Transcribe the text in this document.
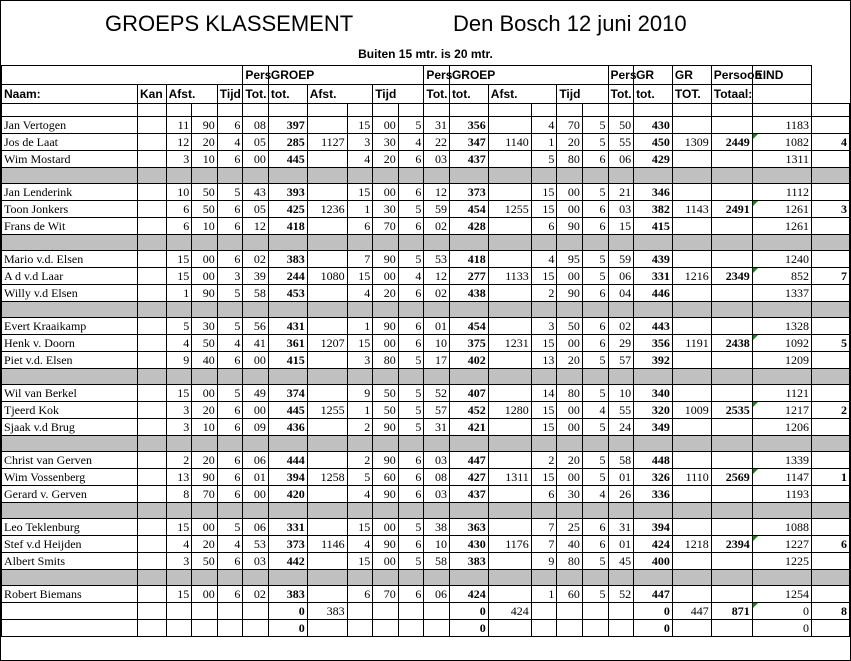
GROEPS KLASSEMENT	Den Bosch 12 juni 2010
Buiten 15 mtr. is 20 mtr.
					Pers	GROEP					Pers	GROEP					Pers	GR	GR	Persoon	EIND	
Naam:	Kan	Afst.		Tijd	Tot.	tot.	Afst.		Tijd		Tot.	tot.	Afst.		Tijd		Tot.	tot.	TOT.	Totaal:		

Jan Vertogen		11	90	6	08	397		15	00	5	31	356		4	70	5	50	430			1183	
Jos de Laat		12	20	4	05	285	1127	3	30	4	22	347	1140	1	20	5	55	450	1309	2449	1082	4
Wim Mostard		3	10	6	00	445		4	20	6	03	437		5	80	6	06	429			1311	

Jan Lenderink		10	50	5	43	393		15	00	6	12	373		15	00	5	21	346			1112	
Toon Jonkers		6	50	6	05	425	1236	1	30	5	59	454	1255	15	00	6	03	382	1143	2491	1261	3
Frans de Wit		6	10	6	12	418		6	70	6	02	428		6	90	6	15	415			1261	

Mario v.d. Elsen		15	00	6	02	383		7	90	5	53	418		4	95	5	59	439			1240	
A d v.d Laar		15	00	3	39	244	1080	15	00	4	12	277	1133	15	00	5	06	331	1216	2349	852	7
Willy v.d Elsen		1	90	5	58	453		4	20	6	02	438		2	90	6	04	446			1337	

Evert Kraaikamp		5	30	5	56	431		1	90	6	01	454		3	50	6	02	443			1328	
Henk v. Doorn		4	50	4	41	361	1207	15	00	6	10	375	1231	15	00	6	29	356	1191	2438	1092	5
Piet v.d. Elsen		9	40	6	00	415		3	80	5	17	402		13	20	5	57	392			1209	

Wil van Berkel		15	00	5	49	374		9	50	5	52	407		14	80	5	10	340			1121	
Tjeerd Kok		3	20	6	00	445	1255	1	50	5	57	452	1280	15	00	4	55	320	1009	2535	1217	2
Sjaak v.d Brug		3	10	6	09	436		2	90	5	31	421		15	00	5	24	349			1206	

Christ van Gerven		2	20	6	06	444		2	90	6	03	447		2	20	5	58	448			1339	
Wim Vossenberg		13	90	6	01	394	1258	5	60	6	08	427	1311	15	00	5	01	326	1110	2569	1147	1
Gerard v. Gerven		8	70	6	00	420		4	90	6	03	437		6	30	4	26	336			1193	

Leo Teklenburg		15	00	5	06	331		15	00	5	38	363		7	25	6	31	394			1088	
Stef v.d Heijden		4	20	4	53	373	1146	4	90	6	10	430	1176	7	40	6	01	424	1218	2394	1227	6
Albert Smits		3	50	6	03	442		15	00	5	58	383		9	80	5	45	400			1225	

Robert Biemans		15	00	6	02	383		6	70	6	06	424		1	60	5	52	447			1254	
						0	383					0	424					0	447	871	0	8
						0						0						0			0	
